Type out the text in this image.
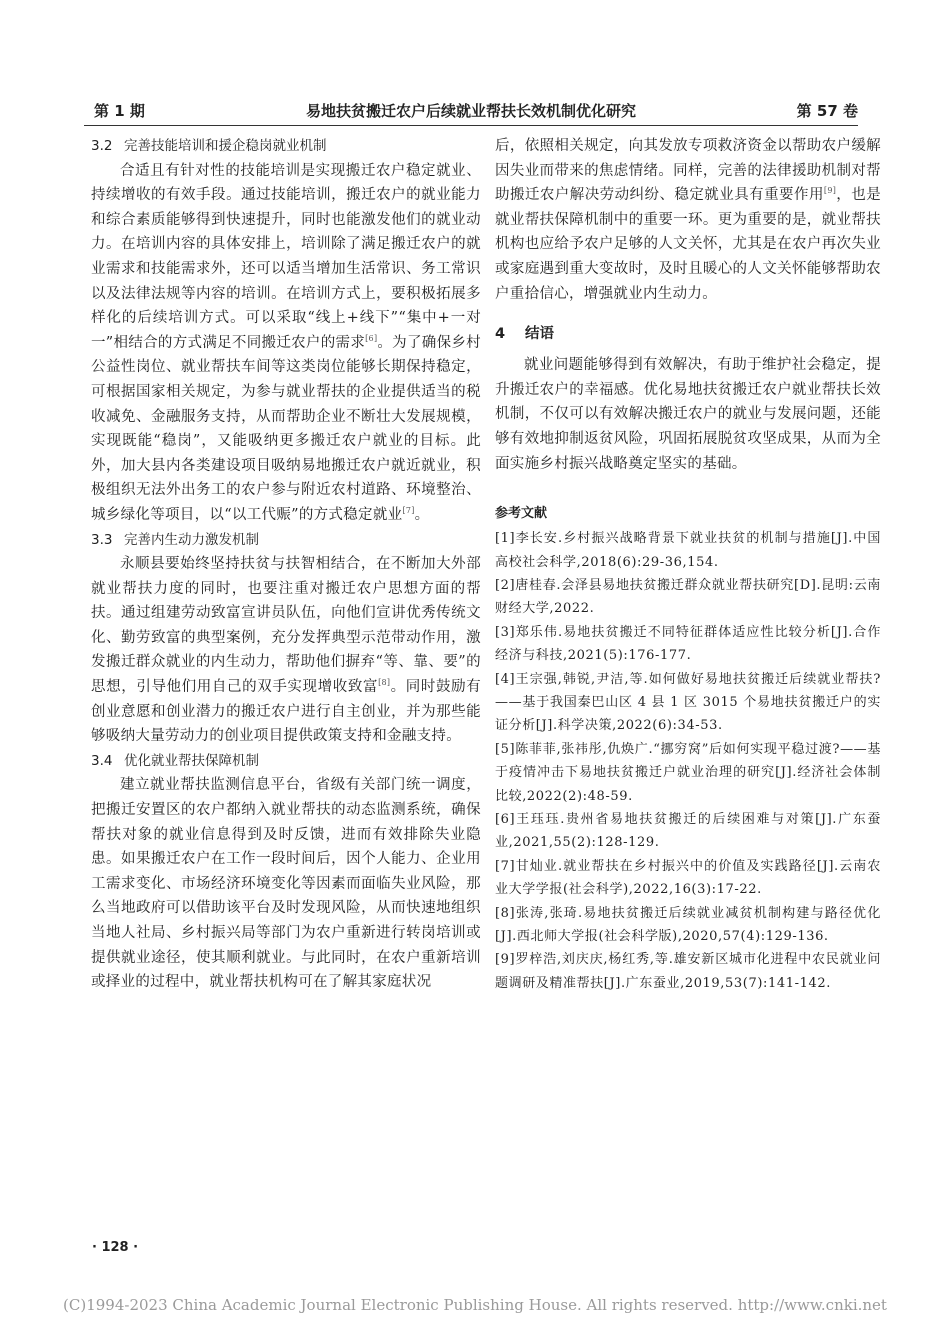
第 1 期	易地扶贫搬迁农户后续就业帮扶长效机制优化研究	第 57 卷

3.2 完善技能培训和援企稳岗就业机制

合适且有针对性的技能培训是实现搬迁农户稳定就业、持续增收的有效手段。通过技能培训，搬迁农户的就业能力和综合素质能够得到快速提升，同时也能激发他们的就业动力。在培训内容的具体安排上，培训除了满足搬迁农户的就业需求和技能需求外，还可以适当增加生活常识、务工常识以及法律法规等内容的培训。在培训方式上，要积极拓展多样化的后续培训方式。可以采取“线上+线下”“集中+一对一”相结合的方式满足不同搬迁农户的需求[6]。为了确保乡村公益性岗位、就业帮扶车间等这类岗位能够长期保持稳定，可根据国家相关规定，为参与就业帮扶的企业提供适当的税收减免、金融服务支持，从而帮助企业不断壮大发展规模，实现既能“稳岗”，又能吸纳更多搬迁农户就业的目标。此外，加大县内各类建设项目吸纳易地搬迁农户就近就业，积极组织无法外出务工的农户参与附近农村道路、环境整治、城乡绿化等项目，以“以工代赈”的方式稳定就业[7]。

3.3 完善内生动力激发机制

永顺县要始终坚持扶贫与扶智相结合，在不断加大外部就业帮扶力度的同时，也要注重对搬迁农户思想方面的帮扶。通过组建劳动致富宣讲员队伍，向他们宣讲优秀传统文化、勤劳致富的典型案例，充分发挥典型示范带动作用，激发搬迁群众就业的内生动力，帮助他们摒弃“等、靠、要”的思想，引导他们用自己的双手实现增收致富[8]。同时鼓励有创业意愿和创业潜力的搬迁农户进行自主创业，并为那些能够吸纳大量劳动力的创业项目提供政策支持和金融支持。

3.4 优化就业帮扶保障机制

建立就业帮扶监测信息平台，省级有关部门统一调度，把搬迁安置区的农户都纳入就业帮扶的动态监测系统，确保帮扶对象的就业信息得到及时反馈，进而有效排除失业隐患。如果搬迁农户在工作一段时间后，因个人能力、企业用工需求变化、市场经济环境变化等因素而面临失业风险，那么当地政府可以借助该平台及时发现风险，从而快速地组织当地人社局、乡村振兴局等部门为农户重新进行转岗培训或提供就业途径，使其顺利就业。与此同时，在农户重新培训或择业的过程中，就业帮扶机构可在了解其家庭状况

后，依照相关规定，向其发放专项救济资金以帮助农户缓解因失业而带来的焦虑情绪。同样，完善的法律援助机制对帮助搬迁农户解决劳动纠纷、稳定就业具有重要作用[9]，也是就业帮扶保障机制中的重要一环。更为重要的是，就业帮扶机构也应给予农户足够的人文关怀，尤其是在农户再次失业或家庭遇到重大变故时，及时且暖心的人文关怀能够帮助农户重拾信心，增强就业内生动力。

4 结语

就业问题能够得到有效解决，有助于维护社会稳定，提升搬迁农户的幸福感。优化易地扶贫搬迁农户就业帮扶长效机制，不仅可以有效解决搬迁农户的就业与发展问题，还能够有效地抑制返贫风险，巩固拓展脱贫攻坚成果，从而为全面实施乡村振兴战略奠定坚实的基础。

参考文献

[1]李长安.乡村振兴战略背景下就业扶贫的机制与措施[J].中国高校社会科学,2018(6):29-36,154.

[2]唐桂春.会泽县易地扶贫搬迁群众就业帮扶研究[D].昆明:云南财经大学,2022.

[3]郑乐伟.易地扶贫搬迁不同特征群体适应性比较分析[J].合作经济与科技,2021(5):176-177.

[4]王宗强,韩锐,尹洁,等.如何做好易地扶贫搬迁后续就业帮扶?——基于我国秦巴山区 4 县 1 区 3015 个易地扶贫搬迁户的实证分析[J].科学决策,2022(6):34-53.

[5]陈菲菲,张祎彤,仇焕广.“挪穷窝”后如何实现平稳过渡?——基于疫情冲击下易地扶贫搬迁户就业治理的研究[J].经济社会体制比较,2022(2):48-59.

[6]王珏珏.贵州省易地扶贫搬迁的后续困难与对策[J].广东蚕业,2021,55(2):128-129.

[7]甘灿业.就业帮扶在乡村振兴中的价值及实践路径[J].云南农业大学学报(社会科学),2022,16(3):17-22.

[8]张涛,张琦.易地扶贫搬迁后续就业减贫机制构建与路径优化[J].西北师大学报(社会科学版),2020,57(4):129-136.

[9]罗梓浩,刘庆庆,杨红秀,等.雄安新区城市化进程中农民就业问题调研及精准帮扶[J].广东蚕业,2019,53(7):141-142.

· 128 ·
(C)1994-2023 China Academic Journal Electronic Publishing House. All rights reserved. http://www.cnki.net
